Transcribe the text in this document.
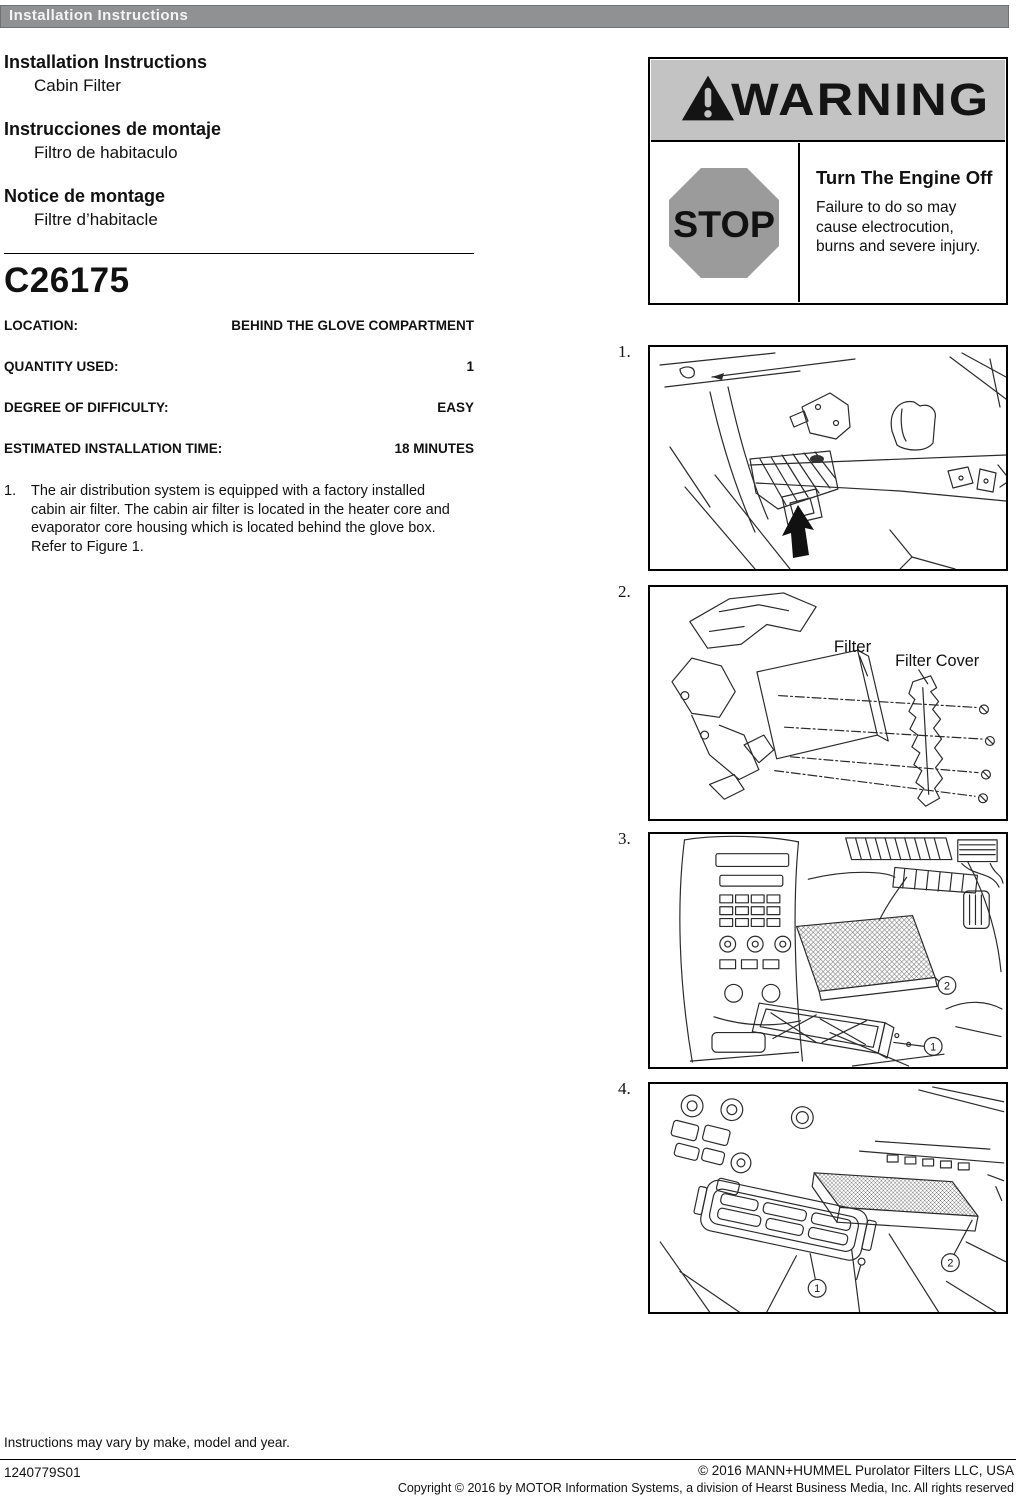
Installation Instructions
Installation Instructions
Cabin Filter
Instrucciones de montaje
Filtro de habitaculo
Notice de montage
Filtre d’habitacle
C26175
LOCATION:	BEHIND THE GLOVE COMPARTMENT
QUANTITY USED:	1
DEGREE OF DIFFICULTY:	EASY
ESTIMATED INSTALLATION TIME:	18 MINUTES
1.	The air distribution system is equipped with a factory installed cabin air filter. The cabin air filter is located in the heater core and evaporator core housing which is located behind the glove box. Refer to Figure 1.
WARNING
STOP
Turn The Engine Off
Failure to do so may cause electrocution, burns and severe injury.
1.
2.
3.
4.
Filter
Filter Cover
2
1
1
2
Instructions may vary by make, model and year.
1240779S01	© 2016 MANN+HUMMEL Purolator Filters LLC, USA
Copyright © 2016 by MOTOR Information Systems, a division of Hearst Business Media, Inc. All rights reserved
